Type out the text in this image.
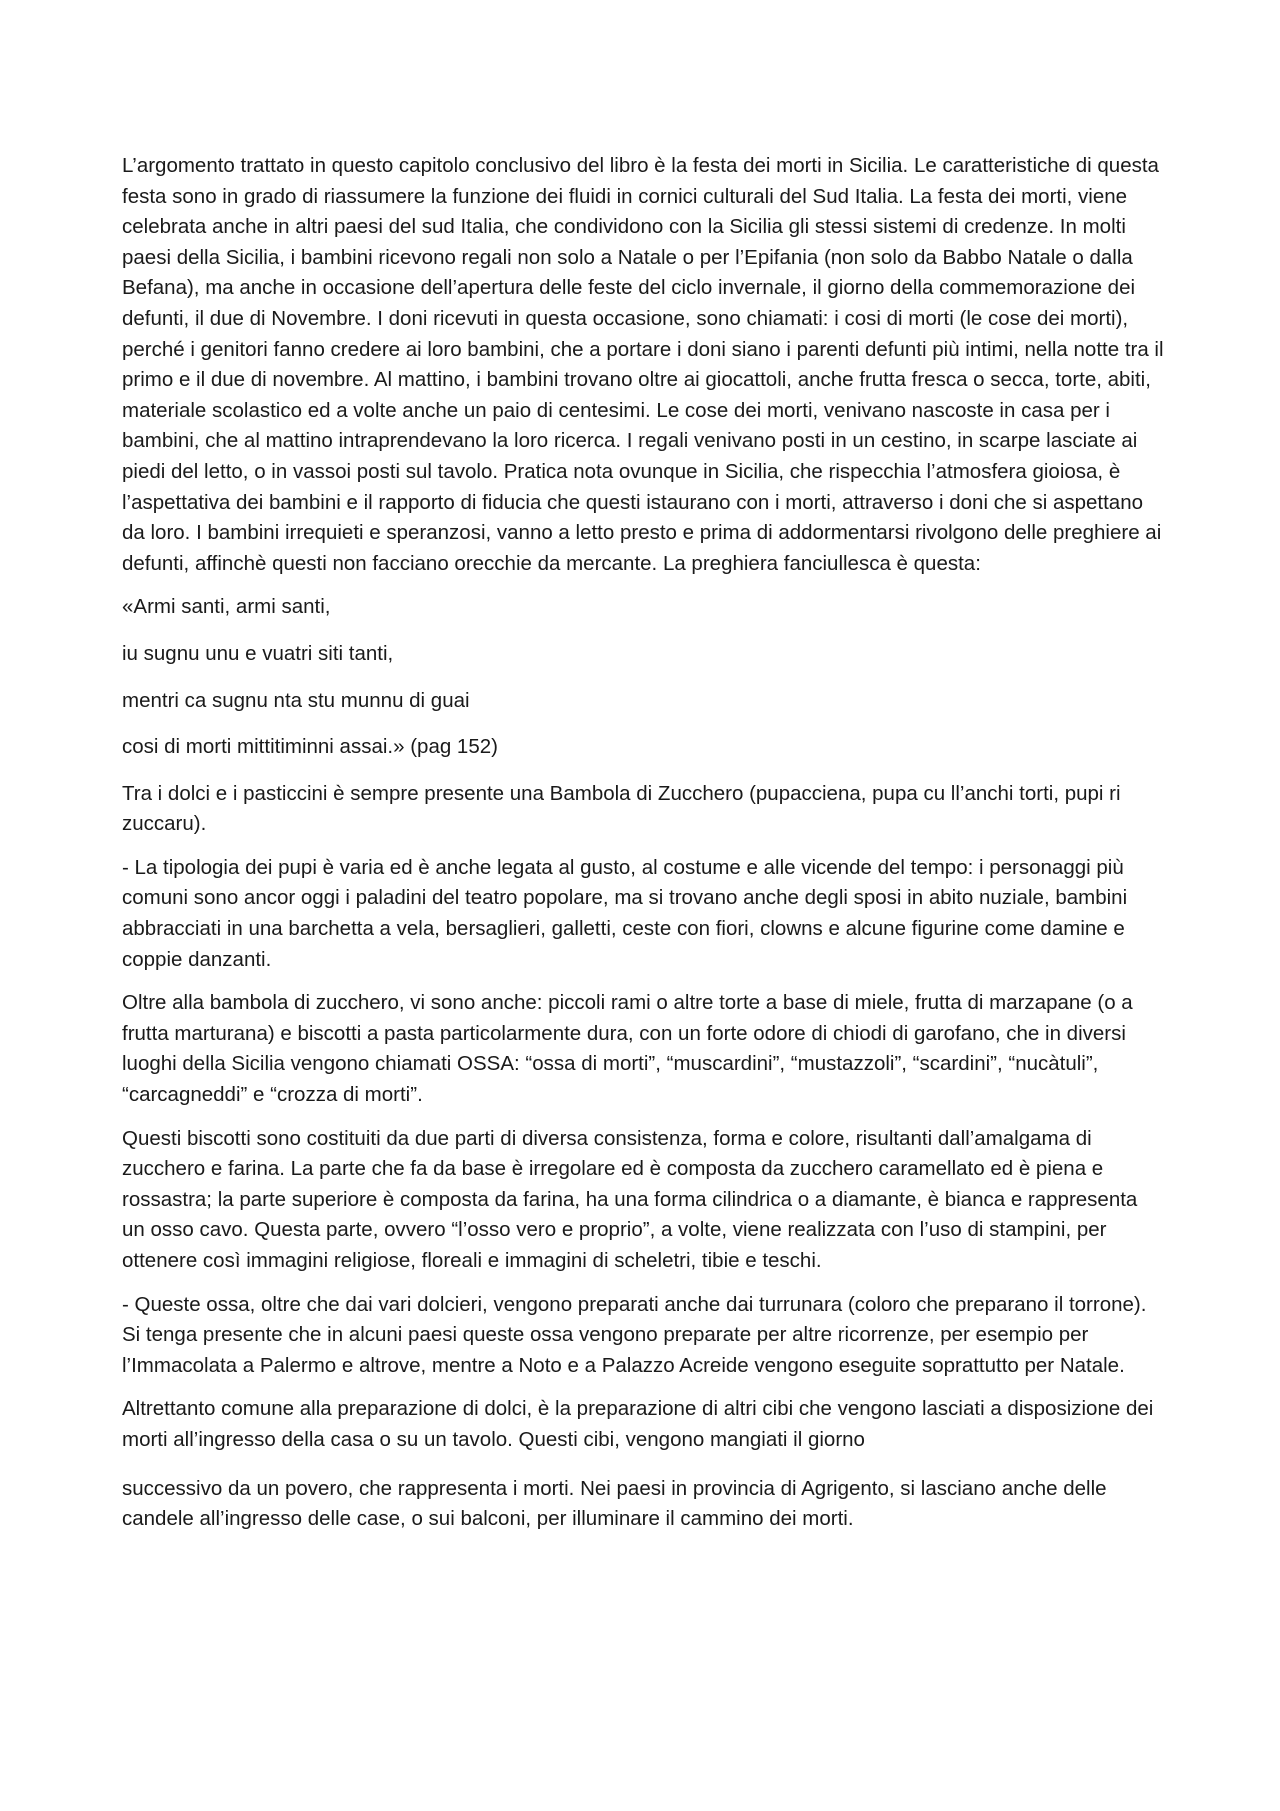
L’argomento trattato in questo capitolo conclusivo del libro è la festa dei morti in Sicilia. Le caratteristiche di questa festa sono in grado di riassumere la funzione dei fluidi in cornici culturali del Sud Italia. La festa dei morti, viene celebrata anche in altri paesi del sud Italia, che condividono con la Sicilia gli stessi sistemi di credenze. In molti paesi della Sicilia, i bambini ricevono regali non solo a Natale o per l’Epifania (non solo da Babbo Natale o dalla Befana), ma anche in occasione dell’apertura delle feste del ciclo invernale, il giorno della commemorazione dei defunti, il due di Novembre. I doni ricevuti in questa occasione, sono chiamati: i cosi di morti (le cose dei morti), perché i genitori fanno credere ai loro bambini, che a portare i doni siano i parenti defunti più intimi, nella notte tra il primo e il due di novembre. Al mattino, i bambini trovano oltre ai giocattoli, anche frutta fresca o secca, torte, abiti, materiale scolastico ed a volte anche un paio di centesimi. Le cose dei morti, venivano nascoste in casa per i bambini, che al mattino intraprendevano la loro ricerca. I regali venivano posti in un cestino, in scarpe lasciate ai piedi del letto, o in vassoi posti sul tavolo. Pratica nota ovunque in Sicilia, che rispecchia l’atmosfera gioiosa, è l’aspettativa dei bambini e il rapporto di fiducia che questi istaurano con i morti, attraverso i doni che si aspettano da loro. I bambini irrequieti e speranzosi, vanno a letto presto e prima di addormentarsi rivolgono delle preghiere ai defunti, affinchè questi non facciano orecchie da mercante. La preghiera fanciullesca è questa:

«Armi santi, armi santi,

iu sugnu unu e vuatri siti tanti,

mentri ca sugnu nta stu munnu di guai

cosi di morti mittitiminni assai.» (pag 152)

Tra i dolci e i pasticcini è sempre presente una Bambola di Zucchero (pupacciena, pupa cu ll’anchi torti, pupi ri zuccaru).

- La tipologia dei pupi è varia ed è anche legata al gusto, al costume e alle vicende del tempo: i personaggi più comuni sono ancor oggi i paladini del teatro popolare, ma si trovano anche degli sposi in abito nuziale, bambini abbracciati in una barchetta a vela, bersaglieri, galletti, ceste con fiori, clowns e alcune figurine come damine e coppie danzanti.

Oltre alla bambola di zucchero, vi sono anche: piccoli rami o altre torte a base di miele, frutta di marzapane (o a frutta marturana) e biscotti a pasta particolarmente dura, con un forte odore di chiodi di garofano, che in diversi luoghi della Sicilia vengono chiamati OSSA: “ossa di morti”, “muscardini”, “mustazzoli”, “scardini”, “nucàtuli”, “carcagneddi” e “crozza di morti”.

Questi biscotti sono costituiti da due parti di diversa consistenza, forma e colore, risultanti dall’amalgama di zucchero e farina. La parte che fa da base è irregolare ed è composta da zucchero caramellato ed è piena e rossastra; la parte superiore è composta da farina, ha una forma cilindrica o a diamante, è bianca e rappresenta un osso cavo. Questa parte, ovvero “l’osso vero e proprio”, a volte, viene realizzata con l’uso di stampini, per ottenere così immagini religiose, floreali e immagini di scheletri, tibie e teschi.

- Queste ossa, oltre che dai vari dolcieri, vengono preparati anche dai turrunara (coloro che preparano il torrone). Si tenga presente che in alcuni paesi queste ossa vengono preparate per altre ricorrenze, per esempio per l’Immacolata a Palermo e altrove, mentre a Noto e a Palazzo Acreide vengono eseguite soprattutto per Natale.

Altrettanto comune alla preparazione di dolci, è la preparazione di altri cibi che vengono lasciati a disposizione dei morti all’ingresso della casa o su un tavolo. Questi cibi, vengono mangiati il giorno

successivo da un povero, che rappresenta i morti. Nei paesi in provincia di Agrigento, si lasciano anche delle candele all’ingresso delle case, o sui balconi, per illuminare il cammino dei morti.
